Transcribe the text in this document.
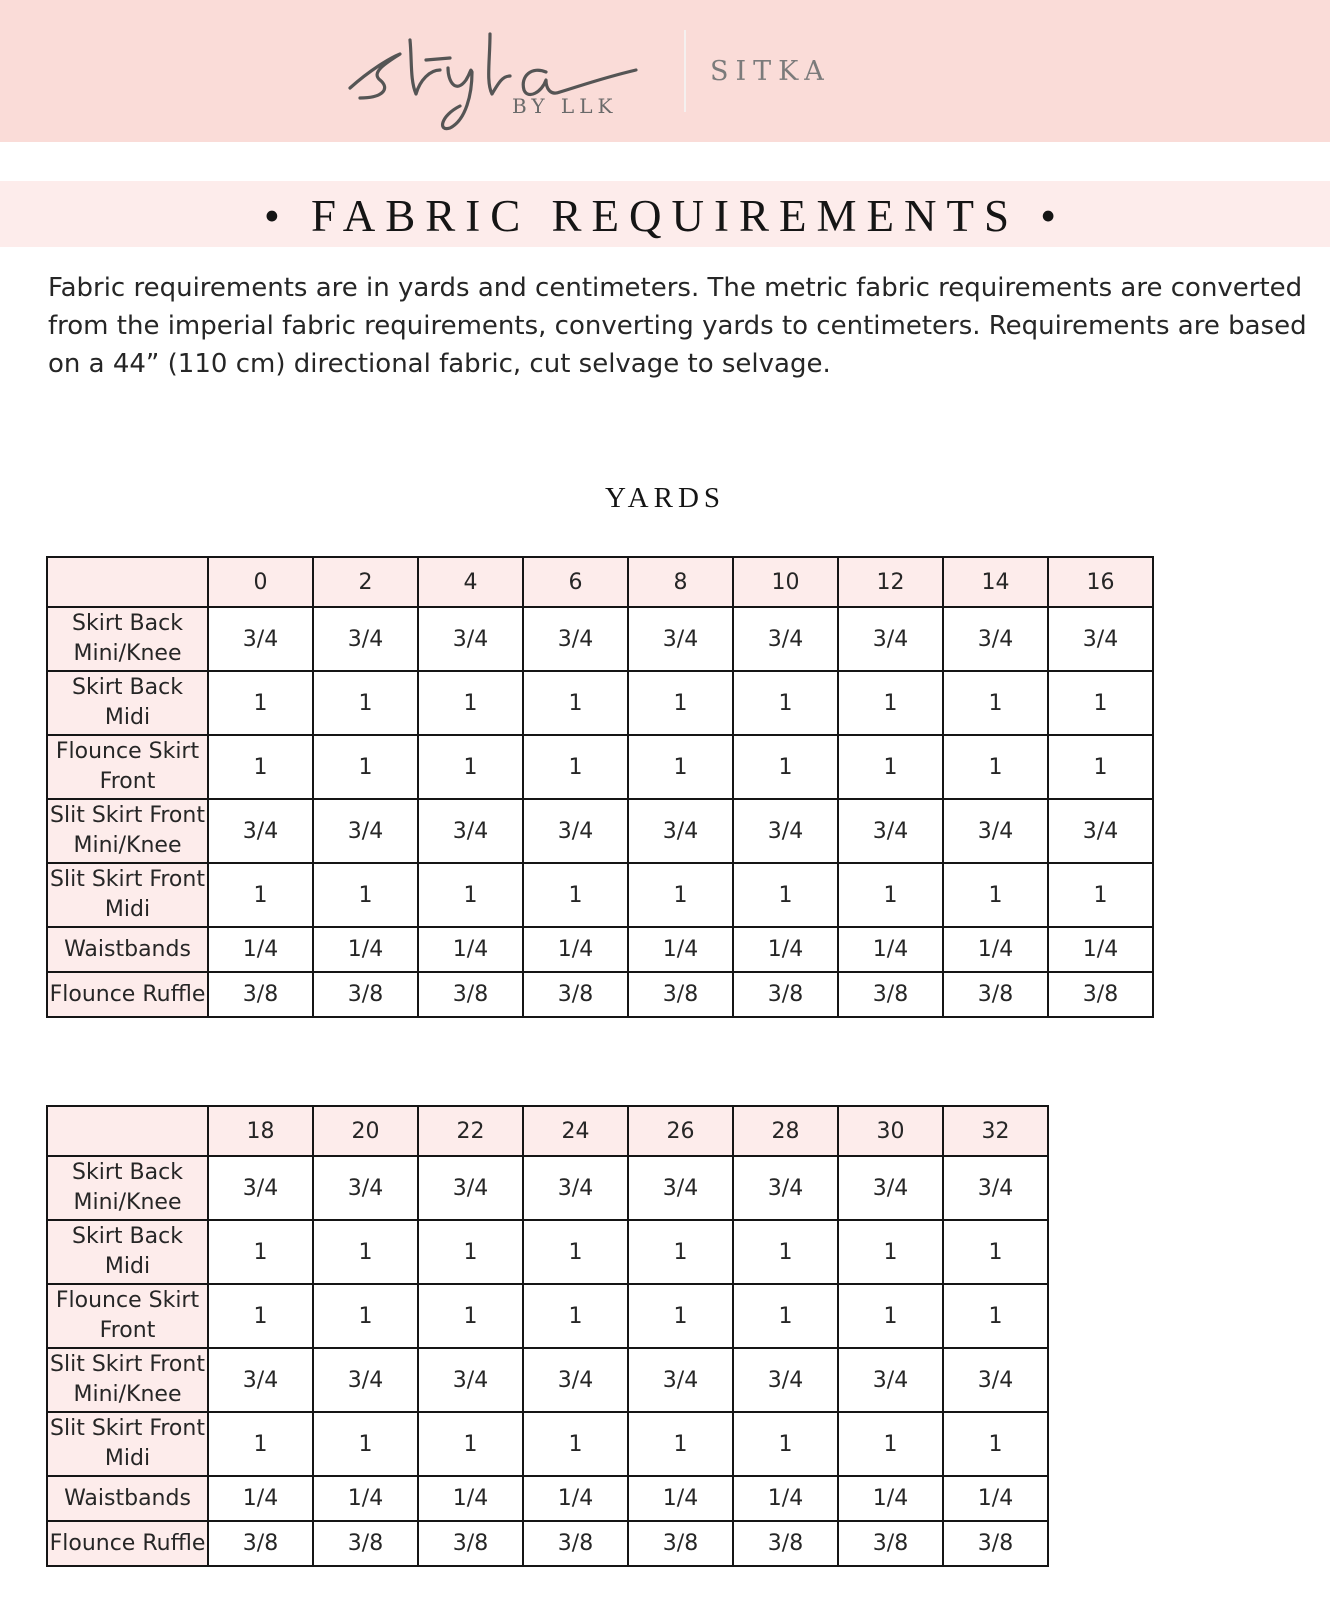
BY LLK
SITKA
• FABRIC REQUIREMENTS •
Fabric requirements are in yards and centimeters. The metric fabric requirements are converted from the imperial fabric requirements, converting yards to centimeters. Requirements are based on a 44” (110 cm) directional fabric, cut selvage to selvage.
YARDS
	0	2	4	6	8	10	12	14	16

Skirt Back
Mini/Knee	3/4	3/4	3/4	3/4	3/4	3/4	3/4	3/4	3/4

Skirt Back
Midi	1	1	1	1	1	1	1	1	1

Flounce Skirt
Front	1	1	1	1	1	1	1	1	1

Slit Skirt Front
Mini/Knee	3/4	3/4	3/4	3/4	3/4	3/4	3/4	3/4	3/4

Slit Skirt Front
Midi	1	1	1	1	1	1	1	1	1

Waistbands	1/4	1/4	1/4	1/4	1/4	1/4	1/4	1/4	1/4

Flounce Ruffle	3/8	3/8	3/8	3/8	3/8	3/8	3/8	3/8	3/8
	18	20	22	24	26	28	30	32

Skirt Back
Mini/Knee	3/4	3/4	3/4	3/4	3/4	3/4	3/4	3/4

Skirt Back
Midi	1	1	1	1	1	1	1	1

Flounce Skirt
Front	1	1	1	1	1	1	1	1

Slit Skirt Front
Mini/Knee	3/4	3/4	3/4	3/4	3/4	3/4	3/4	3/4

Slit Skirt Front
Midi	1	1	1	1	1	1	1	1

Waistbands	1/4	1/4	1/4	1/4	1/4	1/4	1/4	1/4

Flounce Ruffle	3/8	3/8	3/8	3/8	3/8	3/8	3/8	3/8
